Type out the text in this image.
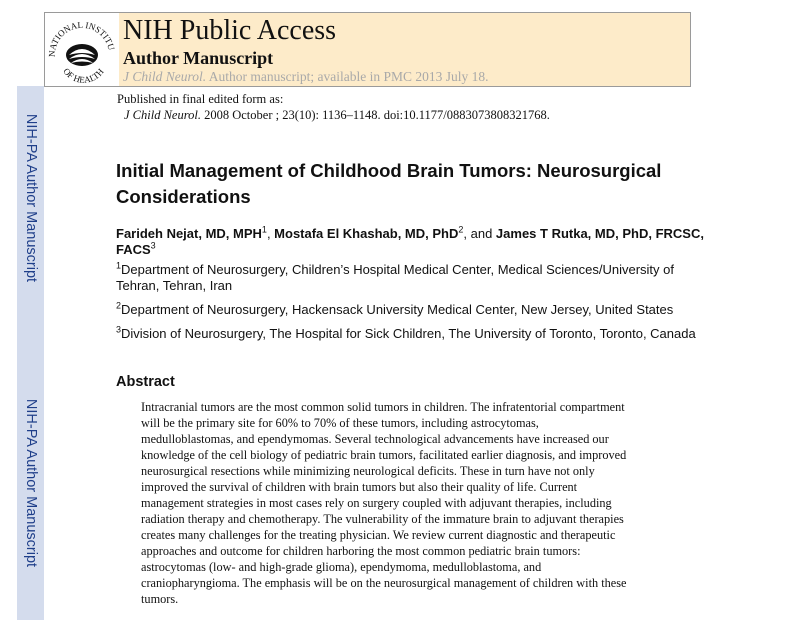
NIH-PA Author Manuscript
NIH-PA Author Manuscript
NATIONAL INSTITU
OF HEALTH
NIH Public Access
Author Manuscript
J Child Neurol. Author manuscript; available in PMC 2013 July 18.
Published in final edited form as:
J Child Neurol. 2008 October ; 23(10): 1136–1148. doi:10.1177/0883073808321768.
Initial Management of Childhood Brain Tumors: Neurosurgical Considerations
Farideh Nejat, MD, MPH$^1$, Mostafa El Khashab, MD, PhD$^2$, and James T Rutka, MD, PhD, FRCSC, FACS$^3$
$^1$Department of Neurosurgery, Children’s Hospital Medical Center, Medical Sciences/University of Tehran, Tehran, Iran
$^2$Department of Neurosurgery, Hackensack University Medical Center, New Jersey, United States
$^3$Division of Neurosurgery, The Hospital for Sick Children, The University of Toronto, Toronto, Canada
Abstract
Intracranial tumors are the most common solid tumors in children. The infratentorial compartment
will be the primary site for 60% to 70% of these tumors, including astrocytomas,
medulloblastomas, and ependymomas. Several technological advancements have increased our
knowledge of the cell biology of pediatric brain tumors, facilitated earlier diagnosis, and improved
neurosurgical resections while minimizing neurological deficits. These in turn have not only
improved the survival of children with brain tumors but also their quality of life. Current
management strategies in most cases rely on surgery coupled with adjuvant therapies, including
radiation therapy and chemotherapy. The vulnerability of the immature brain to adjuvant therapies
creates many challenges for the treating physician. We review current diagnostic and therapeutic
approaches and outcome for children harboring the most common pediatric brain tumors:
astrocytomas (low- and high-grade glioma), ependymoma, medulloblastoma, and
craniopharyngioma. The emphasis will be on the neurosurgical management of children with these
tumors.
